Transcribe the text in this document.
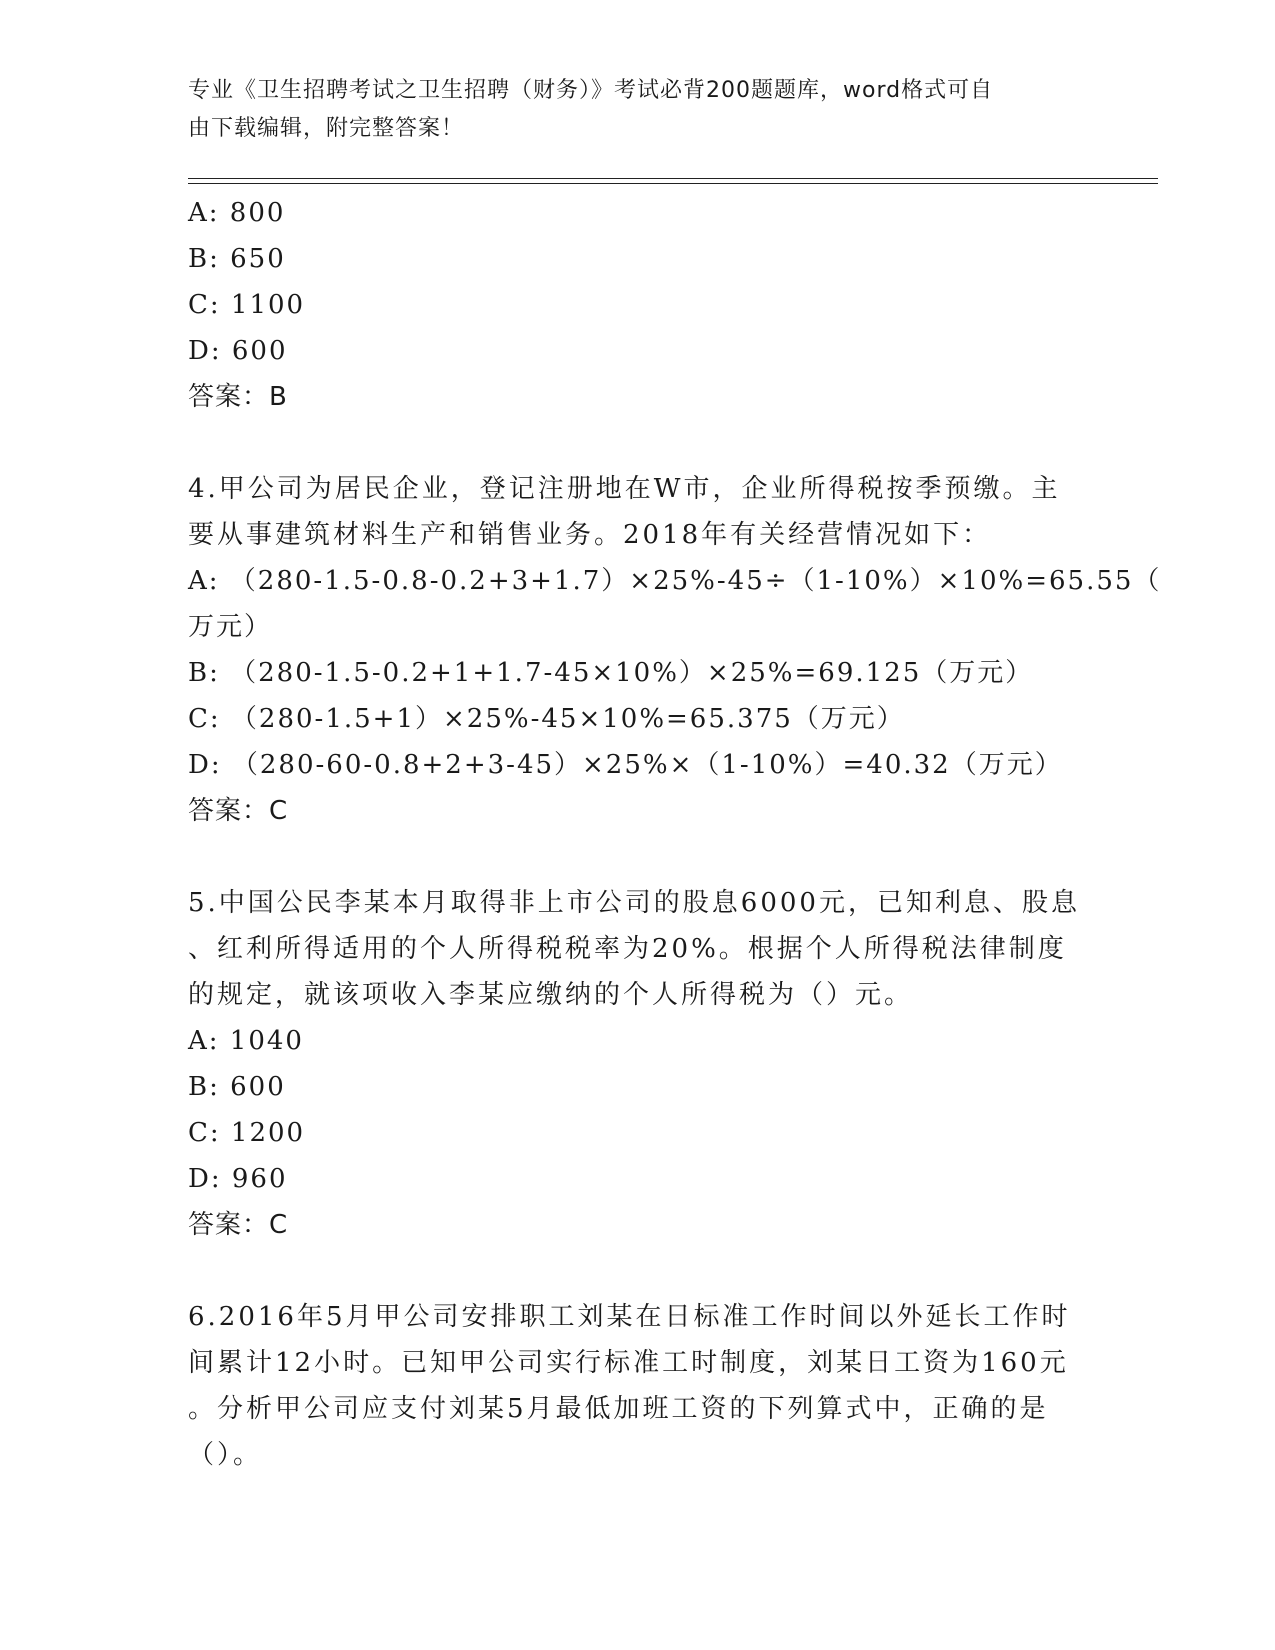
专业《卫生招聘考试之卫生招聘（财务）》考试必背200题题库，word格式可自
由下载编辑，附完整答案！
A: 800
B: 650
C: 1100
D: 600
答案：B
4.甲公司为居民企业，登记注册地在W市，企业所得税按季预缴。主
要从事建筑材料生产和销售业务。2018年有关经营情况如下：
A: （280-1.5-0.8-0.2+3+1.7）×25%-45÷（1-10%）×10%=65.55（
万元）
B: （280-1.5-0.2+1+1.7-45×10%）×25%=69.125（万元）
C: （280-1.5+1）×25%-45×10%=65.375（万元）
D: （280-60-0.8+2+3-45）×25%×（1-10%）=40.32（万元）
答案：C
5.中国公民李某本月取得非上市公司的股息6000元，已知利息、股息
、红利所得适用的个人所得税税率为20%。根据个人所得税法律制度
的规定，就该项收入李某应缴纳的个人所得税为（）元。
A: 1040
B: 600
C: 1200
D: 960
答案：C
6.2016年5月甲公司安排职工刘某在日标准工作时间以外延长工作时
间累计12小时。已知甲公司实行标准工时制度，刘某日工资为160元
。分析甲公司应支付刘某5月最低加班工资的下列算式中，正确的是
（）。
